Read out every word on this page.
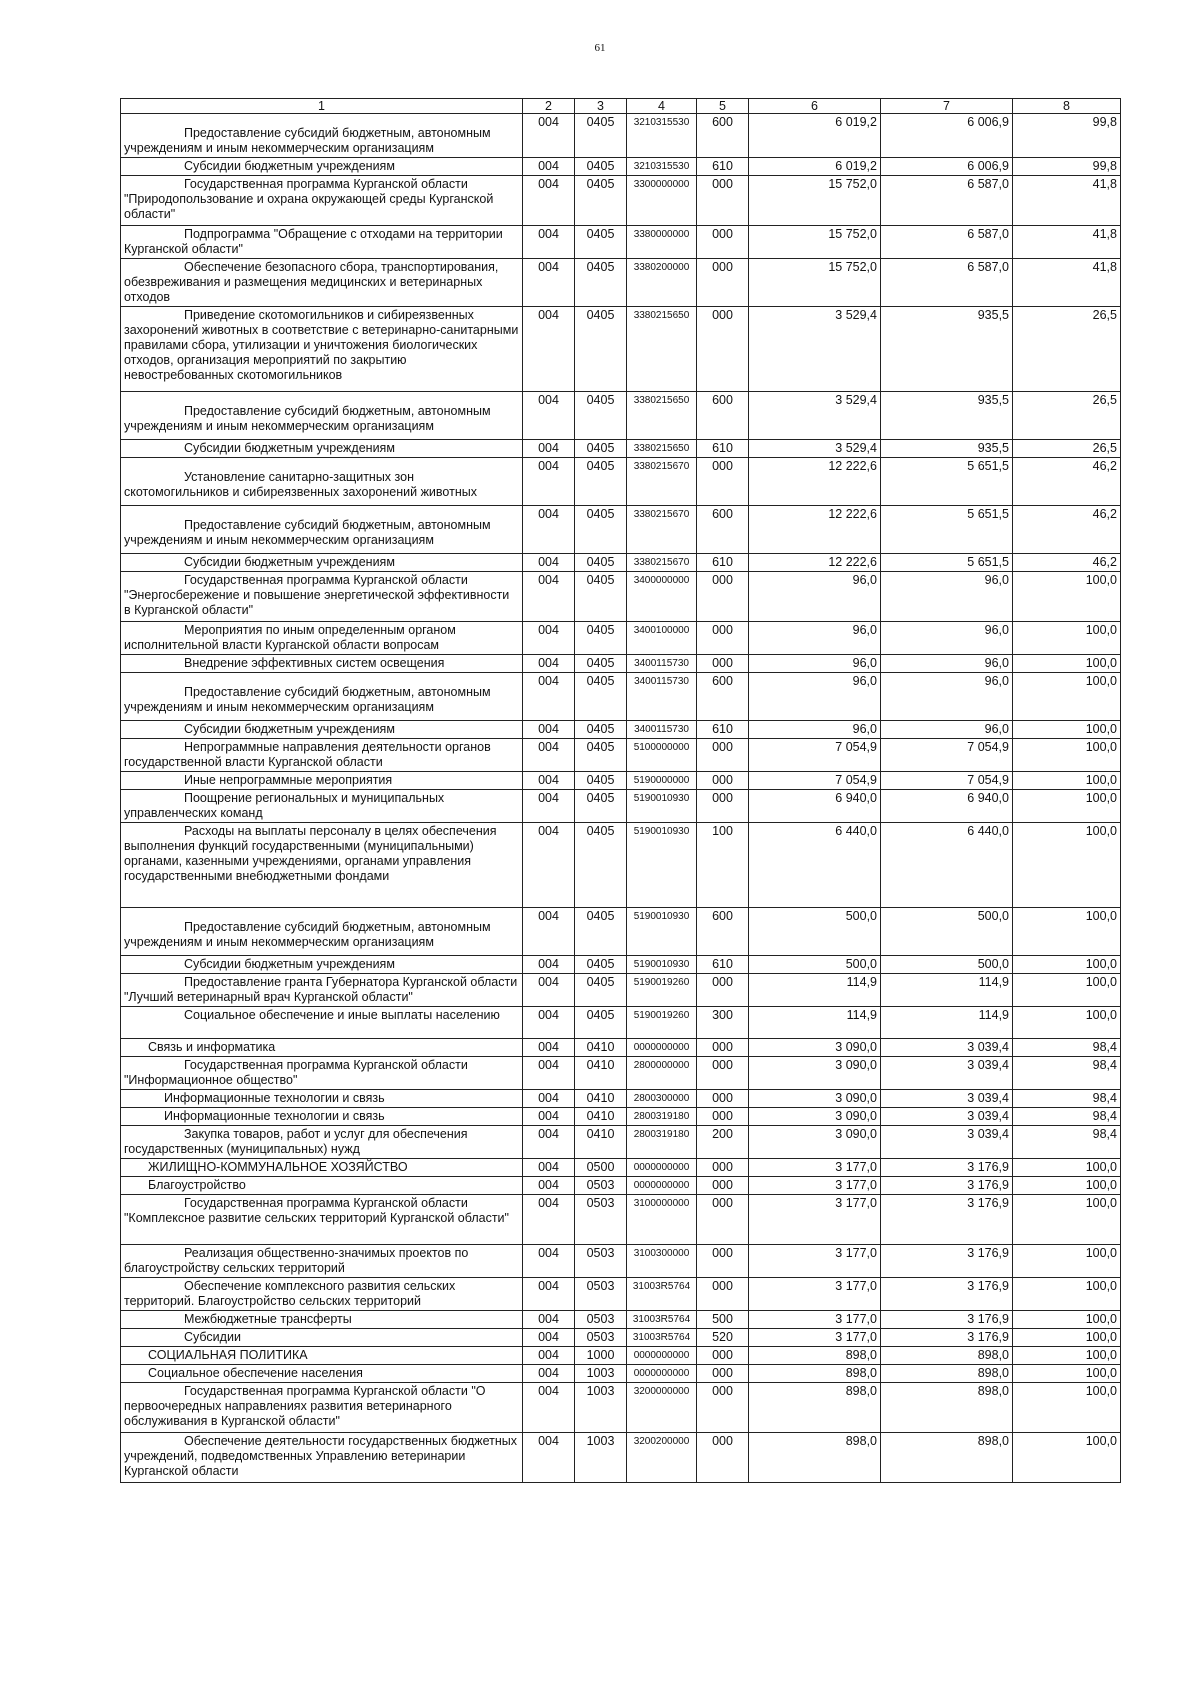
61
1	2	3	4	5	6	7	8
Предоставление субсидий бюджетным, автономным учреждениям и иным некоммерческим организациям	004	0405	3210315530	600	6 019,2	6 006,9	99,8
Субсидии бюджетным учреждениям	004	0405	3210315530	610	6 019,2	6 006,9	99,8
Государственная программа Курганской области "Природопользование и охрана окружающей среды Курганской области"	004	0405	3300000000	000	15 752,0	6 587,0	41,8
Подпрограмма "Обращение с отходами на территории Курганской области"	004	0405	3380000000	000	15 752,0	6 587,0	41,8
Обеспечение безопасного сбора, транспортирования, обезвреживания и размещения медицинских и ветеринарных отходов	004	0405	3380200000	000	15 752,0	6 587,0	41,8
Приведение скотомогильников и сибиреязвенных захоронений животных в соответствие с ветеринарно-санитарными правилами сбора, утилизации и уничтожения биологических отходов, организация мероприятий по закрытию невостребованных скотомогильников	004	0405	3380215650	000	3 529,4	935,5	26,5
Предоставление субсидий бюджетным, автономным учреждениям и иным некоммерческим организациям	004	0405	3380215650	600	3 529,4	935,5	26,5
Субсидии бюджетным учреждениям	004	0405	3380215650	610	3 529,4	935,5	26,5
Установление санитарно-защитных зон скотомогильников и сибиреязвенных захоронений животных	004	0405	3380215670	000	12 222,6	5 651,5	46,2
Предоставление субсидий бюджетным, автономным учреждениям и иным некоммерческим организациям	004	0405	3380215670	600	12 222,6	5 651,5	46,2
Субсидии бюджетным учреждениям	004	0405	3380215670	610	12 222,6	5 651,5	46,2
Государственная программа Курганской области "Энергосбережение и повышение энергетической эффективности в Курганской области"	004	0405	3400000000	000	96,0	96,0	100,0
Мероприятия по иным определенным органом исполнительной власти Курганской области вопросам	004	0405	3400100000	000	96,0	96,0	100,0
Внедрение эффективных систем освещения	004	0405	3400115730	000	96,0	96,0	100,0
Предоставление субсидий бюджетным, автономным учреждениям и иным некоммерческим организациям	004	0405	3400115730	600	96,0	96,0	100,0
Субсидии бюджетным учреждениям	004	0405	3400115730	610	96,0	96,0	100,0
Непрограммные направления деятельности органов государственной власти Курганской области	004	0405	5100000000	000	7 054,9	7 054,9	100,0
Иные непрограммные мероприятия	004	0405	5190000000	000	7 054,9	7 054,9	100,0
Поощрение региональных и муниципальных управленческих команд	004	0405	5190010930	000	6 940,0	6 940,0	100,0
Расходы на выплаты персоналу в целях обеспечения выполнения функций государственными (муниципальными) органами, казенными учреждениями, органами управления государственными внебюджетными фондами	004	0405	5190010930	100	6 440,0	6 440,0	100,0
Предоставление субсидий бюджетным, автономным учреждениям и иным некоммерческим организациям	004	0405	5190010930	600	500,0	500,0	100,0
Субсидии бюджетным учреждениям	004	0405	5190010930	610	500,0	500,0	100,0
Предоставление гранта Губернатора Курганской области "Лучший ветеринарный врач Курганской области"	004	0405	5190019260	000	114,9	114,9	100,0
Социальное обеспечение и иные выплаты населению	004	0405	5190019260	300	114,9	114,9	100,0
Связь и информатика	004	0410	0000000000	000	3 090,0	3 039,4	98,4
Государственная программа Курганской области "Информационное общество"	004	0410	2800000000	000	3 090,0	3 039,4	98,4
Информационные технологии и связь	004	0410	2800300000	000	3 090,0	3 039,4	98,4
Информационные технологии и связь	004	0410	2800319180	000	3 090,0	3 039,4	98,4
Закупка товаров, работ и услуг для обеспечения государственных (муниципальных) нужд	004	0410	2800319180	200	3 090,0	3 039,4	98,4
ЖИЛИЩНО-КОММУНАЛЬНОЕ ХОЗЯЙСТВО	004	0500	0000000000	000	3 177,0	3 176,9	100,0
Благоустройство	004	0503	0000000000	000	3 177,0	3 176,9	100,0
Государственная программа Курганской области "Комплексное развитие сельских территорий Курганской области"	004	0503	3100000000	000	3 177,0	3 176,9	100,0
Реализация общественно-значимых проектов по благоустройству сельских территорий	004	0503	3100300000	000	3 177,0	3 176,9	100,0
Обеспечение комплексного развития сельских территорий. Благоустройство сельских территорий	004	0503	31003R5764	000	3 177,0	3 176,9	100,0
Межбюджетные трансферты	004	0503	31003R5764	500	3 177,0	3 176,9	100,0
Субсидии	004	0503	31003R5764	520	3 177,0	3 176,9	100,0
СОЦИАЛЬНАЯ ПОЛИТИКА	004	1000	0000000000	000	898,0	898,0	100,0
Социальное обеспечение населения	004	1003	0000000000	000	898,0	898,0	100,0
Государственная программа Курганской области "О первоочередных направлениях развития ветеринарного обслуживания в Курганской области"	004	1003	3200000000	000	898,0	898,0	100,0
Обеспечение деятельности государственных бюджетных учреждений, подведомственных Управлению ветеринарии Курганской области	004	1003	3200200000	000	898,0	898,0	100,0
